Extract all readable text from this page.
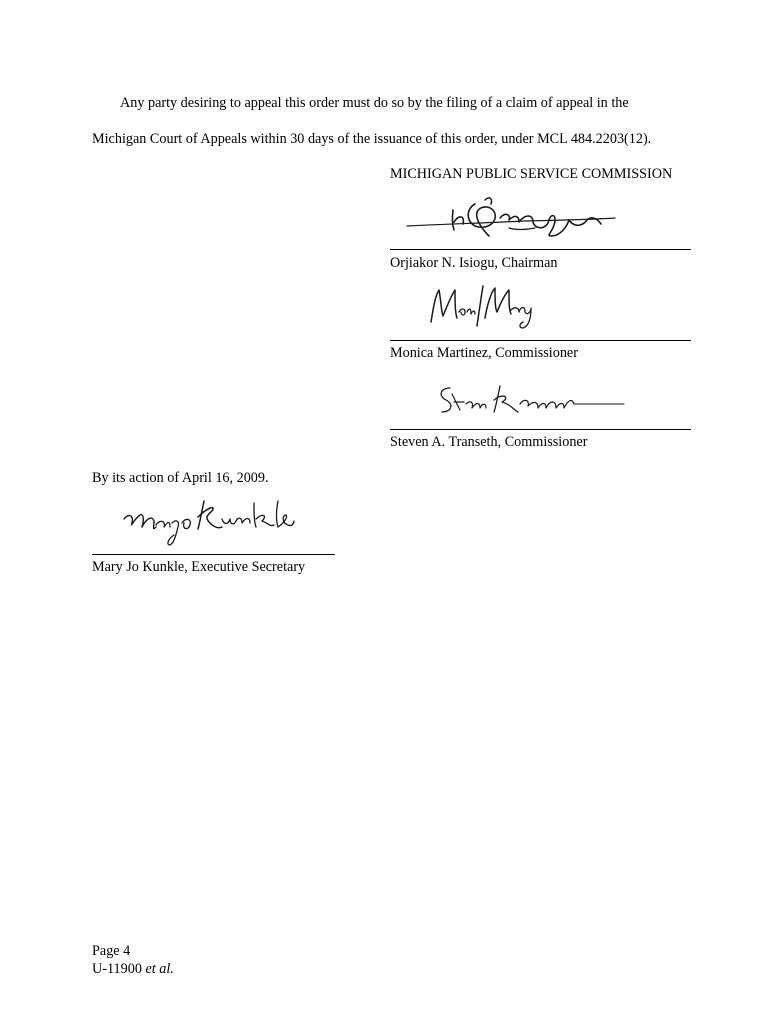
Any party desiring to appeal this order must do so by the filing of a claim of appeal in the
Michigan Court of Appeals within 30 days of the issuance of this order, under MCL 484.2203(12).
MICHIGAN PUBLIC SERVICE COMMISSION
Orjiakor N. Isiogu, Chairman
Monica Martinez, Commissioner
Steven A. Transeth, Commissioner
By its action of April 16, 2009.
Mary Jo Kunkle, Executive Secretary
Page 4
U-11900 et al.
